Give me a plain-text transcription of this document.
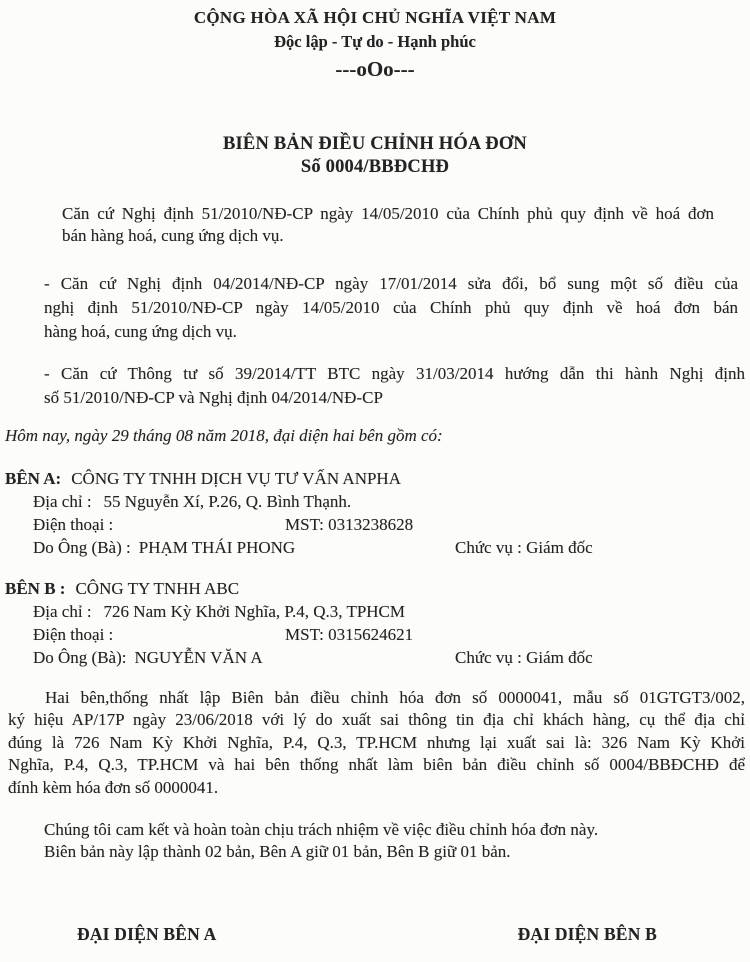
CỘNG HÒA XÃ HỘI CHỦ NGHĨA VIỆT NAM
Độc lập - Tự do - Hạnh phúc
---oOo---
BIÊN BẢN ĐIỀU CHỈNH HÓA ĐƠN
Số 0004/BBĐCHĐ
Căn cứ Nghị định 51/2010/NĐ-CP ngày 14/05/2010 của Chính phủ quy định về hoá đơn
bán hàng hoá, cung ứng dịch vụ.
- Căn cứ Nghị định 04/2014/NĐ-CP ngày 17/01/2014 sửa đổi, bổ sung một số điều của
nghị định 51/2010/NĐ-CP ngày 14/05/2010 của Chính phủ quy định về hoá đơn bán
hàng hoá, cung ứng dịch vụ.
- Căn cứ Thông tư số 39/2014/TT BTC ngày 31/03/2014 hướng dẫn thi hành Nghị định
số 51/2010/NĐ-CP và Nghị định 04/2014/NĐ-CP
Hôm nay, ngày 29 tháng 08 năm 2018, đại diện hai bên gồm có:
BÊN A: CÔNG TY TNHH DỊCH VỤ TƯ VẤN ANPHA
Địa chỉ : 55 Nguyễn Xí, P.26, Q. Bình Thạnh.
Điện thoại :	MST: 0313238628
Do Ông (Bà) : PHẠM THÁI PHONG	Chức vụ : Giám đốc
BÊN B : CÔNG TY TNHH ABC
Địa chỉ : 726 Nam Kỳ Khởi Nghĩa, P.4, Q.3, TPHCM
Điện thoại :	MST: 0315624621
Do Ông (Bà): NGUYỄN VĂN A	Chức vụ : Giám đốc
Hai bên,thống nhất lập Biên bản điều chỉnh hóa đơn số 0000041, mẫu số 01GTGT3/002,
ký hiệu AP/17P ngày 23/06/2018 với lý do xuất sai thông tin địa chỉ khách hàng, cụ thể địa chỉ
đúng là 726 Nam Kỳ Khởi Nghĩa, P.4, Q.3, TP.HCM nhưng lại xuất sai là: 326 Nam Kỳ Khởi
Nghĩa, P.4, Q.3, TP.HCM và hai bên thống nhất làm biên bản điều chỉnh số 0004/BBĐCHĐ để
đính kèm hóa đơn số 0000041.
Chúng tôi cam kết và hoàn toàn chịu trách nhiệm về việc điều chỉnh hóa đơn này.
Biên bản này lập thành 02 bản, Bên A giữ 01 bản, Bên B giữ 01 bản.
ĐẠI DIỆN BÊN A	ĐẠI DIỆN BÊN B
